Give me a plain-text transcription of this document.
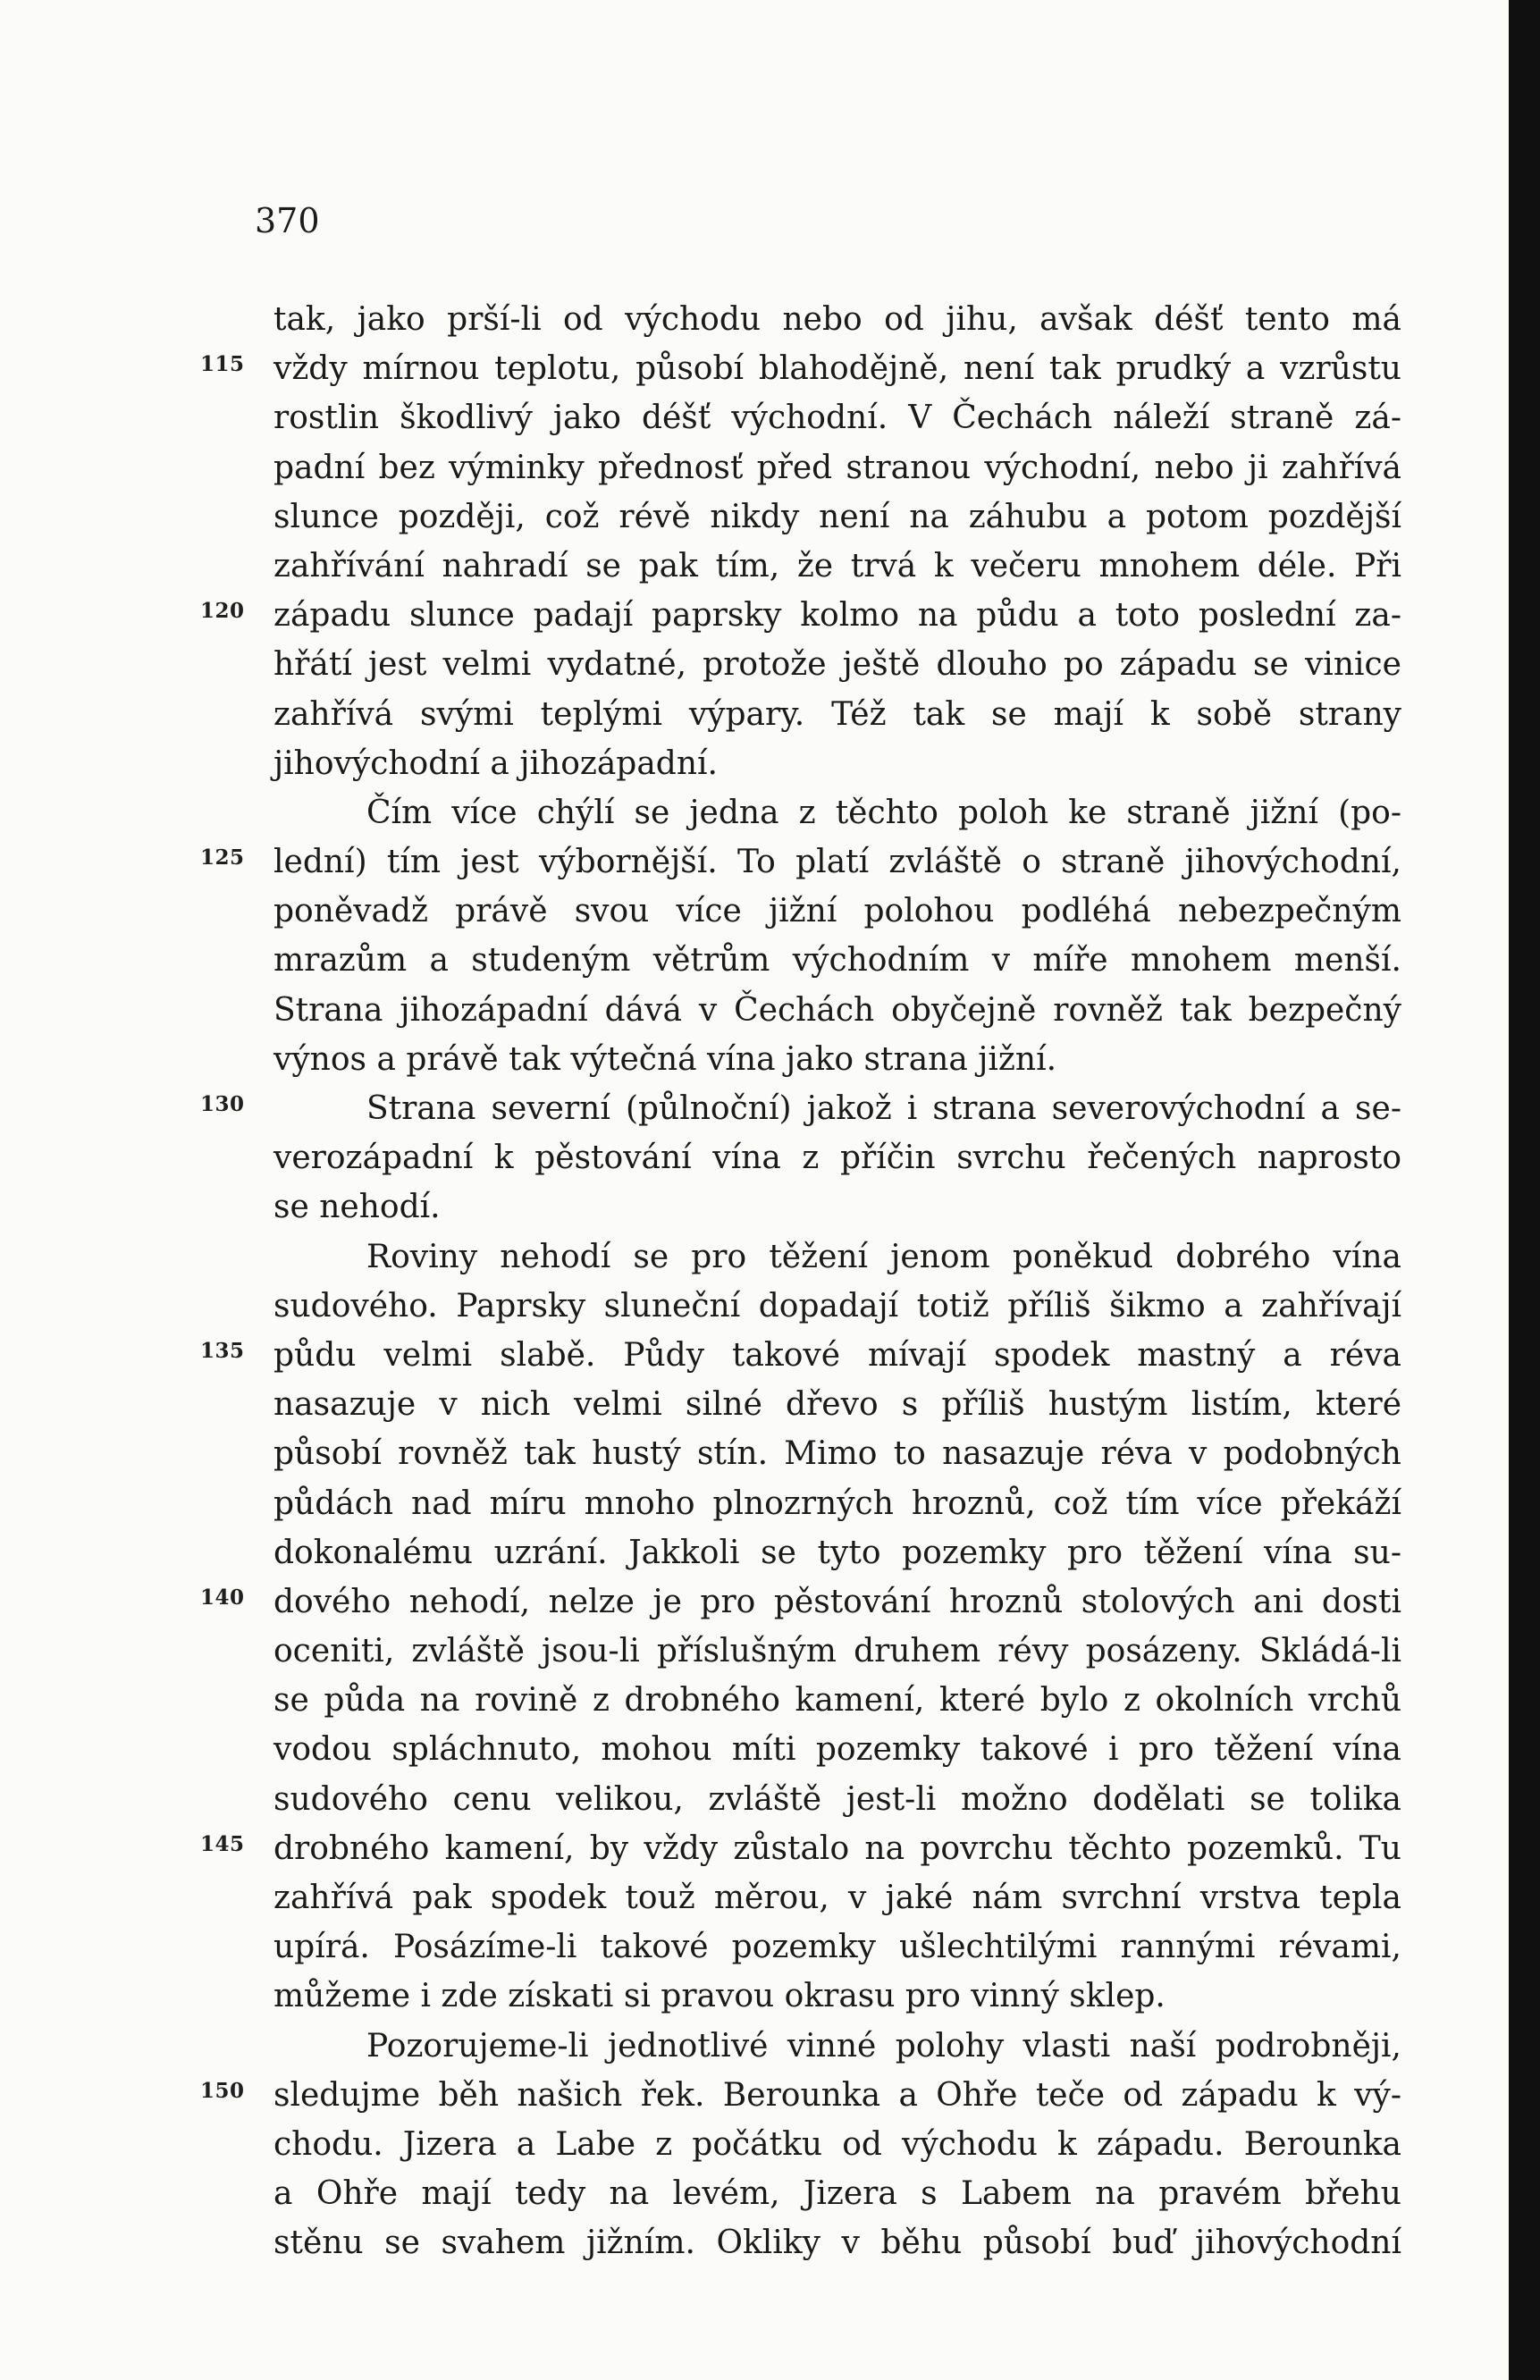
370
tak, jako prší-li od východu nebo od jihu, avšak déšť tento má
115 vždy mírnou teplotu, působí blahodějně, není tak prudký a vzrůstu
rostlin škodlivý jako déšť východní. V Čechách náleží straně zá-
padní bez výminky přednosť před stranou východní, nebo ji zahřívá
slunce později, což révě nikdy není na záhubu a potom pozdější
zahřívání nahradí se pak tím, že trvá k večeru mnohem déle. Při
120 západu slunce padají paprsky kolmo na půdu a toto poslední za-
hřátí jest velmi vydatné, protože ještě dlouho po západu se vinice
zahřívá svými teplými výpary. Též tak se mají k sobě strany
jihovýchodní a jihozápadní.
Čím více chýlí se jedna z těchto poloh ke straně jižní (po-
125 lední) tím jest výbornější. To platí zvláště o straně jihovýchodní,
poněvadž právě svou více jižní polohou podléhá nebezpečným
mrazům a studeným větrům východním v míře mnohem menší.
Strana jihozápadní dává v Čechách obyčejně rovněž tak bezpečný
výnos a právě tak výtečná vína jako strana jižní.
130	Strana severní (půlnoční) jakož i strana severovýchodní a se-
verozápadní k pěstování vína z příčin svrchu řečených naprosto
se nehodí.
Roviny nehodí se pro těžení jenom poněkud dobrého vína
sudového. Paprsky sluneční dopadají totiž příliš šikmo a zahřívají
135 půdu velmi slabě. Půdy takové mívají spodek mastný a réva
nasazuje v nich velmi silné dřevo s příliš hustým listím, které
působí rovněž tak hustý stín. Mimo to nasazuje réva v podobných
půdách nad míru mnoho plnozrných hroznů, což tím více překáží
dokonalému uzrání. Jakkoli se tyto pozemky pro těžení vína su-
140 dového nehodí, nelze je pro pěstování hroznů stolových ani dosti
oceniti, zvláště jsou-li příslušným druhem révy posázeny. Skládá-li
se půda na rovině z drobného kamení, které bylo z okolních vrchů
vodou spláchnuto, mohou míti pozemky takové i pro těžení vína
sudového cenu velikou, zvláště jest-li možno dodělati se tolika
145 drobného kamení, by vždy zůstalo na povrchu těchto pozemků. Tu
zahřívá pak spodek touž měrou, v jaké nám svrchní vrstva tepla
upírá. Posázíme-li takové pozemky ušlechtilými rannými révami,
můžeme i zde získati si pravou okrasu pro vinný sklep.
Pozorujeme-li jednotlivé vinné polohy vlasti naší podrobněji,
150 sledujme běh našich řek. Berounka a Ohře teče od západu k vý-
chodu. Jizera a Labe z počátku od východu k západu. Berounka
a Ohře mají tedy na levém, Jizera s Labem na pravém břehu
stěnu se svahem jižním. Okliky v běhu působí buď jihovýchodní
